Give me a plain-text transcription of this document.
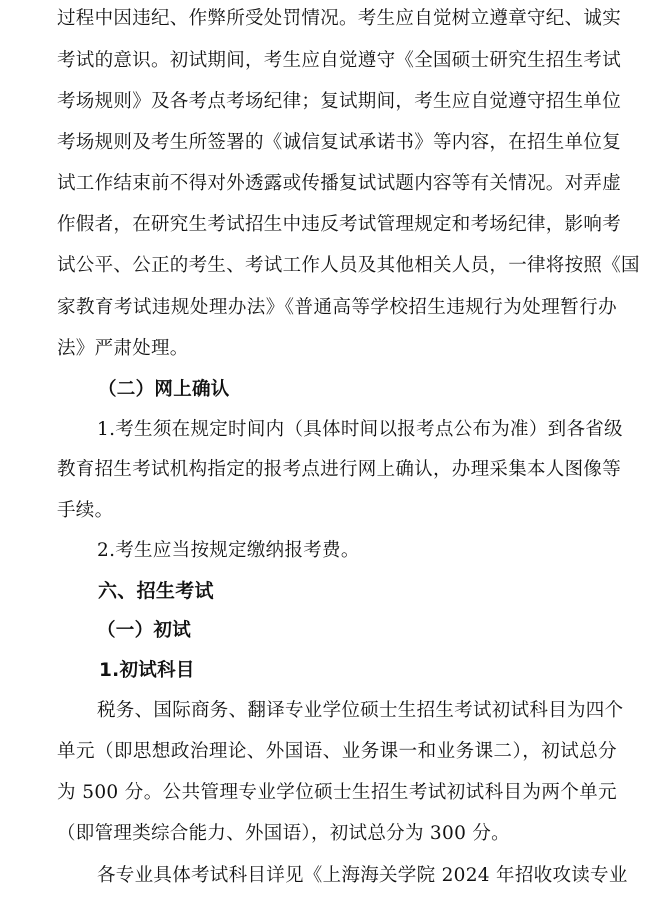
过程中因违纪、作弊所受处罚情况。考生应自觉树立遵章守纪、诚实
考试的意识。初试期间，考生应自觉遵守《全国硕士研究生招生考试
考场规则》及各考点考场纪律；复试期间，考生应自觉遵守招生单位
考场规则及考生所签署的《诚信复试承诺书》等内容，在招生单位复
试工作结束前不得对外透露或传播复试试题内容等有关情况。对弄虚
作假者，在研究生考试招生中违反考试管理规定和考场纪律，影响考
试公平、公正的考生、考试工作人员及其他相关人员，一律将按照《国
家教育考试违规处理办法》《普通高等学校招生违规行为处理暂行办
法》严肃处理。
（二）网上确认
1.考生须在规定时间内（具体时间以报考点公布为准）到各省级
教育招生考试机构指定的报考点进行网上确认，办理采集本人图像等
手续。
2.考生应当按规定缴纳报考费。
六、招生考试
（一）初试
1.初试科目
税务、国际商务、翻译专业学位硕士生招生考试初试科目为四个
单元（即思想政治理论、外国语、业务课一和业务课二），初试总分
为 500 分。公共管理专业学位硕士生招生考试初试科目为两个单元
（即管理类综合能力、外国语），初试总分为 300 分。
各专业具体考试科目详见《上海海关学院 2024 年招收攻读专业
